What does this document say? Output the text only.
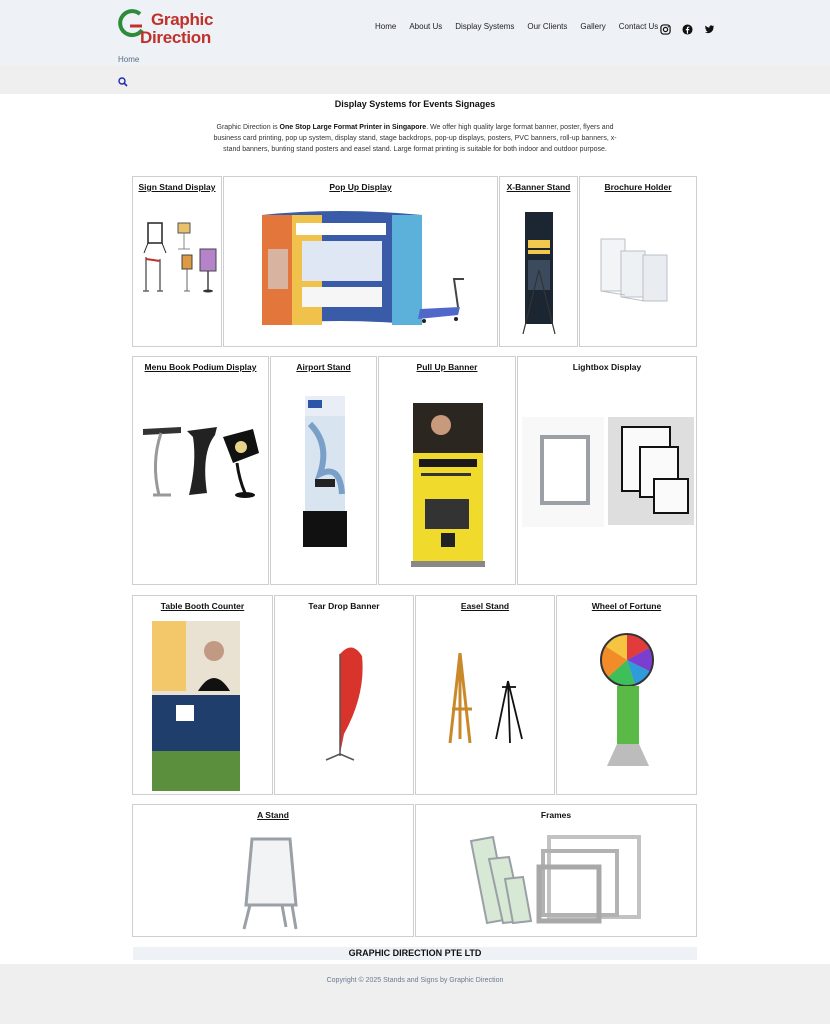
Graphic
Direction
Home About Us Display Systems Our Clients Gallery Contact Us
Home
Display Systems for Events Signages

Graphic Direction is One Stop Large Format Printer in Singapore. We offer high quality large format banner, poster, flyers and business card printing, pop up system, display stand, stage backdrops, pop-up displays, posters, PVC banners, roll-up banners, x-stand banners, bunting stand posters and easel stand. Large format printing is suitable for both indoor and outdoor purpose.

Sign Stand Display	Pop Up Display	X-Banner Stand	Brochure Holder
Menu Book Podium Display	Airport Stand	Pull Up Banner	Lightbox Display
Table Booth Counter	Tear Drop Banner	Easel Stand	Wheel of Fortune
A Stand	Frames
GRAPHIC DIRECTION PTE LTD
Copyright © 2025 Stands and Signs by Graphic Direction
